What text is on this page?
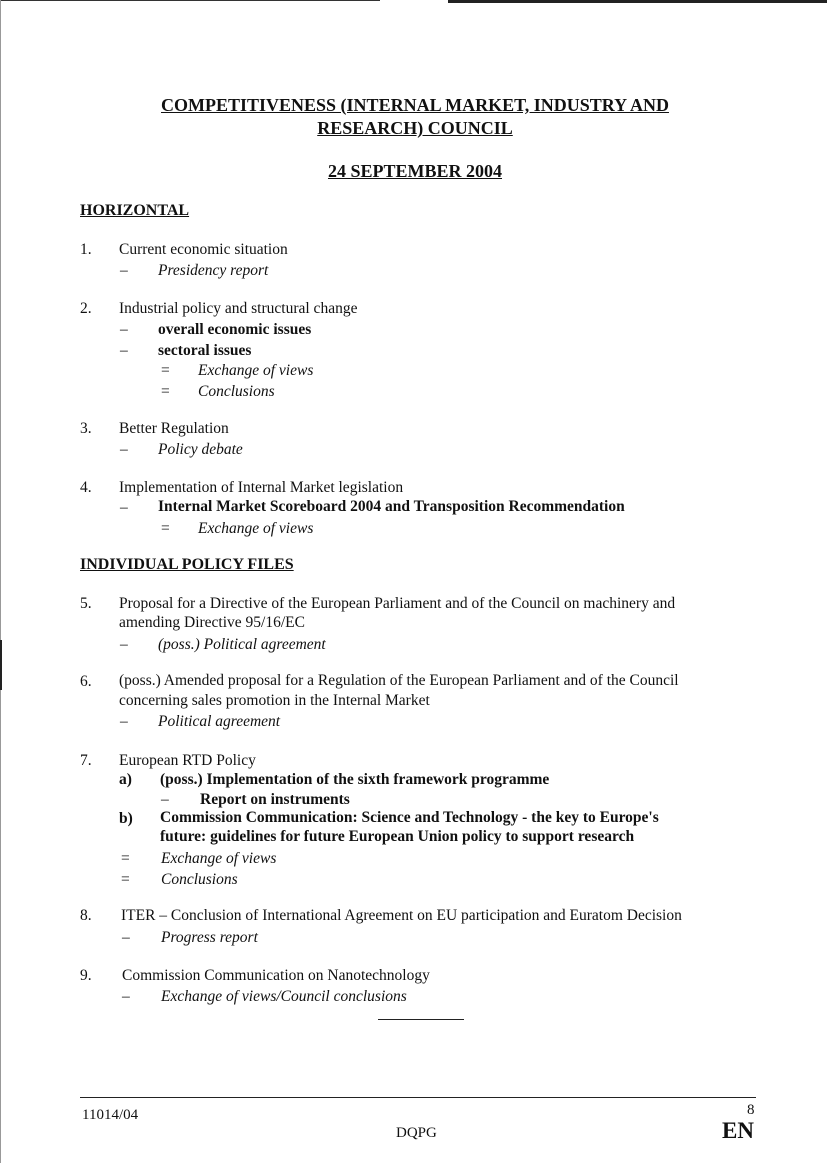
COMPETITIVENESS (INTERNAL MARKET, INDUSTRY AND
RESEARCH) COUNCIL
24 SEPTEMBER 2004
HORIZONTAL
1. Current economic situation
– Presidency report
2. Industrial policy and structural change
– overall economic issues
– sectoral issues
= Exchange of views
= Conclusions
3. Better Regulation
– Policy debate
4. Implementation of Internal Market legislation
– Internal Market Scoreboard 2004 and Transposition Recommendation
= Exchange of views
INDIVIDUAL POLICY FILES
5. Proposal for a Directive of the European Parliament and of the Council on machinery and
amending Directive 95/16/EC
– (poss.) Political agreement
6. (poss.) Amended proposal for a Regulation of the European Parliament and of the Council
concerning sales promotion in the Internal Market
– Political agreement
7. European RTD Policy
a) (poss.) Implementation of the sixth framework programme
– Report on instruments
b) Commission Communication: Science and Technology - the key to Europe's
future: guidelines for future European Union policy to support research
= Exchange of views
= Conclusions
8. ITER – Conclusion of International Agreement on EU participation and Euratom Decision
– Progress report
9. Commission Communication on Nanotechnology
– Exchange of views/Council conclusions
11014/04
DQPG
8
EN
